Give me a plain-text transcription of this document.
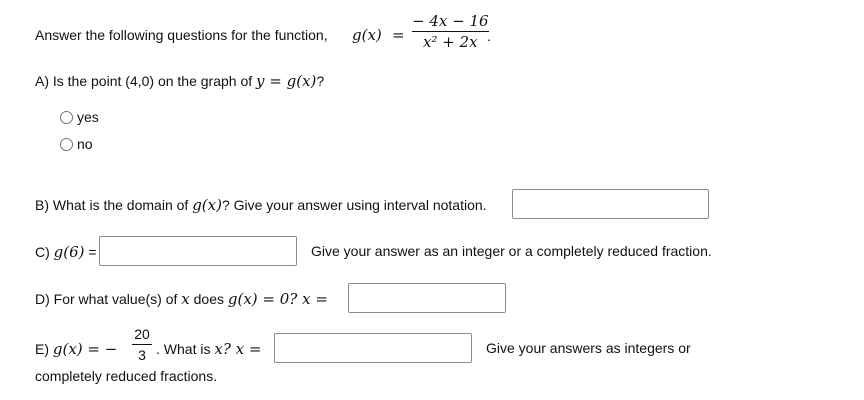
Answer the following questions for the function, $g(x) = \frac{- 4x - 16}{\text{x² + 2x}}$
.
A) Is the point (4,0) on the graph of y = g(x)?
yes
no
B) What is the domain of g(x)? Give your answer using interval notation.
C) g(6) =	Give your answer as an integer or a completely reduced fraction.
D) For what value(s) of x does g(x) = 0? x =
E) g(x) = − $\frac{20}{3}$ . What is x? x =	Give your answers as integers or
completely reduced fractions.
